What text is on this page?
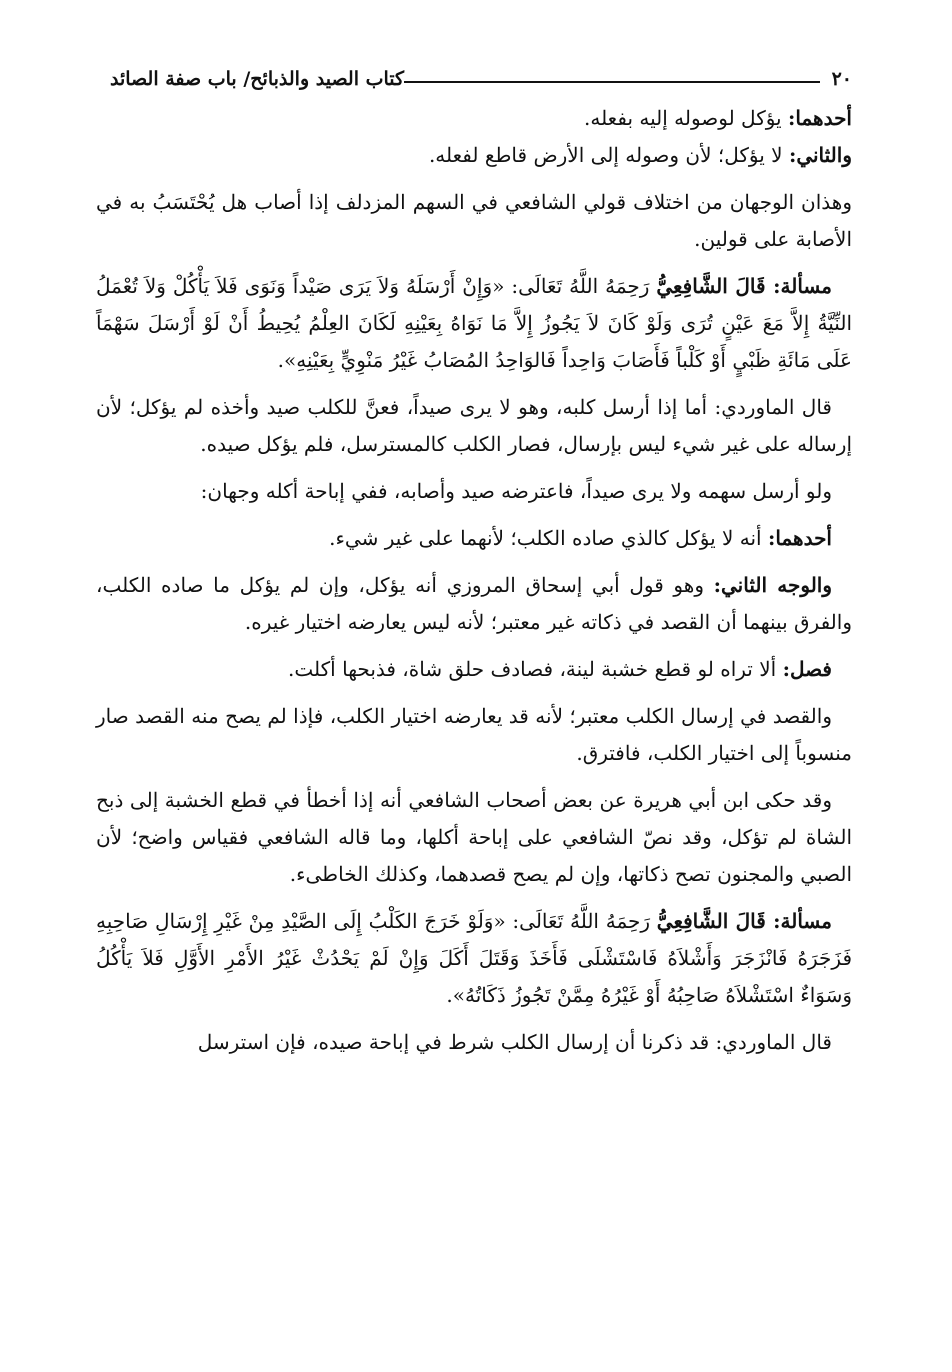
٢٠
كتاب الصيد والذبائح/ باب صفة الصائد

أحدهما: يؤكل لوصوله إليه بفعله.

والثاني: لا يؤكل؛ لأن وصوله إلى الأرض قاطع لفعله.

وهذان الوجهان من اختلاف قولي الشافعي في السهم المزدلف إذا أصاب هل يُحْتَسَبُ به في الأصابة على قولين.

مسألة: قَالَ الشَّافِعِيُّ رَحِمَهُ اللَّهُ تَعَالَى: «وَإِنْ أَرْسَلَهُ وَلاَ يَرَى صَيْداً وَنَوَى فَلاَ يَأْكُلْ وَلاَ تُعْمَلُ النِّيَّةُ إِلاَّ مَعَ عَيْنٍ تُرَى وَلَوْ كَانَ لاَ يَجُوزُ إِلاَّ مَا نَوَاهُ بِعَيْنِهِ لَكَانَ العِلْمُ يُحِيطُ أَنْ لَوْ أَرْسَلَ سَهْمَاً عَلَى مَائَةِ ظَبْيٍ أَوْ كَلْباً فَأَصَابَ وَاحِداً فَالوَاحِدُ المُصَابُ غَيْرُ مَنْوِيٍّ بِعَيْنِهِ».

قال الماوردي: أما إذا أرسل كلبه، وهو لا يرى صيداً، فعنَّ للكلب صيد وأخذه لم يؤكل؛ لأن إرساله على غير شيء ليس بإرسال، فصار الكلب كالمسترسل، فلم يؤكل صيده.

ولو أرسل سهمه ولا يرى صيداً، فاعترضه صيد وأصابه، ففي إباحة أكله وجهان:

أحدهما: أنه لا يؤكل كالذي صاده الكلب؛ لأنهما على غير شيء.

والوجه الثاني: وهو قول أبي إسحاق المروزي أنه يؤكل، وإن لم يؤكل ما صاده الكلب، والفرق بينهما أن القصد في ذكاته غير معتبر؛ لأنه ليس يعارضه اختيار غيره.

فصل: ألا تراه لو قطع خشبة لينة، فصادف حلق شاة، فذبحها أكلت.

والقصد في إرسال الكلب معتبر؛ لأنه قد يعارضه اختيار الكلب، فإذا لم يصح منه القصد صار منسوباً إلى اختيار الكلب، فافترق.

وقد حكى ابن أبي هريرة عن بعض أصحاب الشافعي أنه إذا أخطأ في قطع الخشبة إلى ذبح الشاة لم تؤكل، وقد نصّ الشافعي على إباحة أكلها، وما قاله الشافعي فقياس واضح؛ لأن الصبي والمجنون تصح ذكاتها، وإن لم يصح قصدهما، وكذلك الخاطىء.

مسألة: قَالَ الشَّافِعِيُّ رَحِمَهُ اللَّهُ تَعَالَى: «وَلَوْ خَرَجَ الكَلْبُ إِلَى الصَّيْدِ مِنْ غَيْرِ إِرْسَالِ صَاحِبِهِ فَزَجَرَهُ فَانْزَجَرَ وَأَشْلاَهُ فَاسْتَشْلَى فَأَخَذَ وَقَتَلَ أَكَلَ وَإِنْ لَمْ يَحْدُثْ غَيْرُ الأَمْرِ الأَوَّلِ فَلاَ يَأْكُلُ وَسَوَاءٌ اسْتَشْلاَهُ صَاحِبُهُ أَوْ غَيْرُهُ مِمَّنْ تَجُوزُ ذَكَاتُهُ».

قال الماوردي: قد ذكرنا أن إرسال الكلب شرط في إباحة صيده، فإن استرسل
